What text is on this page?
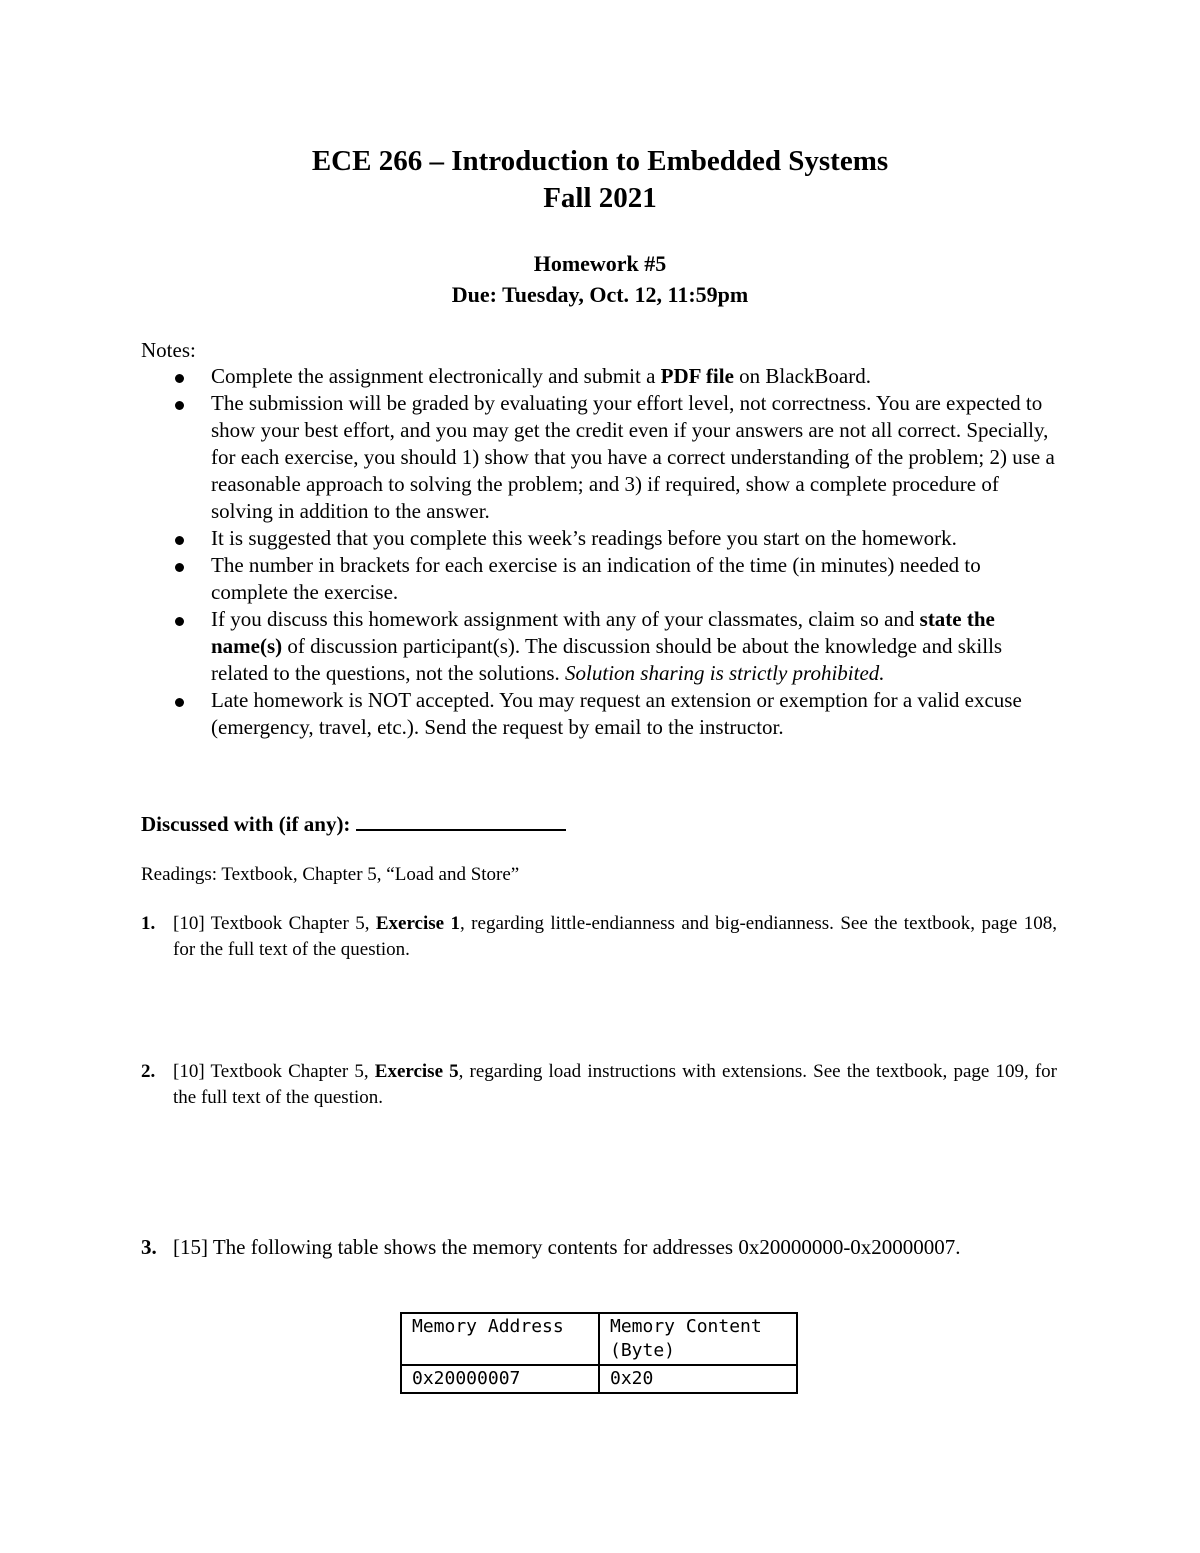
ECE 266 – Introduction to Embedded Systems
Fall 2021
Homework #5
Due: Tuesday, Oct. 12, 11:59pm
Notes:
Complete the assignment electronically and submit a PDF file on BlackBoard.
The submission will be graded by evaluating your effort level, not correctness. You are expected to show your best effort, and you may get the credit even if your answers are not all correct. Specially, for each exercise, you should 1) show that you have a correct understanding of the problem; 2) use a reasonable approach to solving the problem; and 3) if required, show a complete procedure of solving in addition to the answer.
It is suggested that you complete this week’s readings before you start on the homework.
The number in brackets for each exercise is an indication of the time (in minutes) needed to complete the exercise.
If you discuss this homework assignment with any of your classmates, claim so and state the name(s) of discussion participant(s). The discussion should be about the knowledge and skills related to the questions, not the solutions. Solution sharing is strictly prohibited.
Late homework is NOT accepted. You may request an extension or exemption for a valid excuse (emergency, travel, etc.). Send the request by email to the instructor.
Discussed with (if any):
Readings: Textbook, Chapter 5, “Load and Store”
1. [10] Textbook Chapter 5, Exercise 1, regarding little-endianness and big-endianness. See the textbook, page 108, for the full text of the question.
2. [10] Textbook Chapter 5, Exercise 5, regarding load instructions with extensions. See the textbook, page 109, for the full text of the question.
3. [15] The following table shows the memory contents for addresses 0x20000000-0x20000007.
Memory Address	Memory Content (Byte)
0x20000007	0x20
